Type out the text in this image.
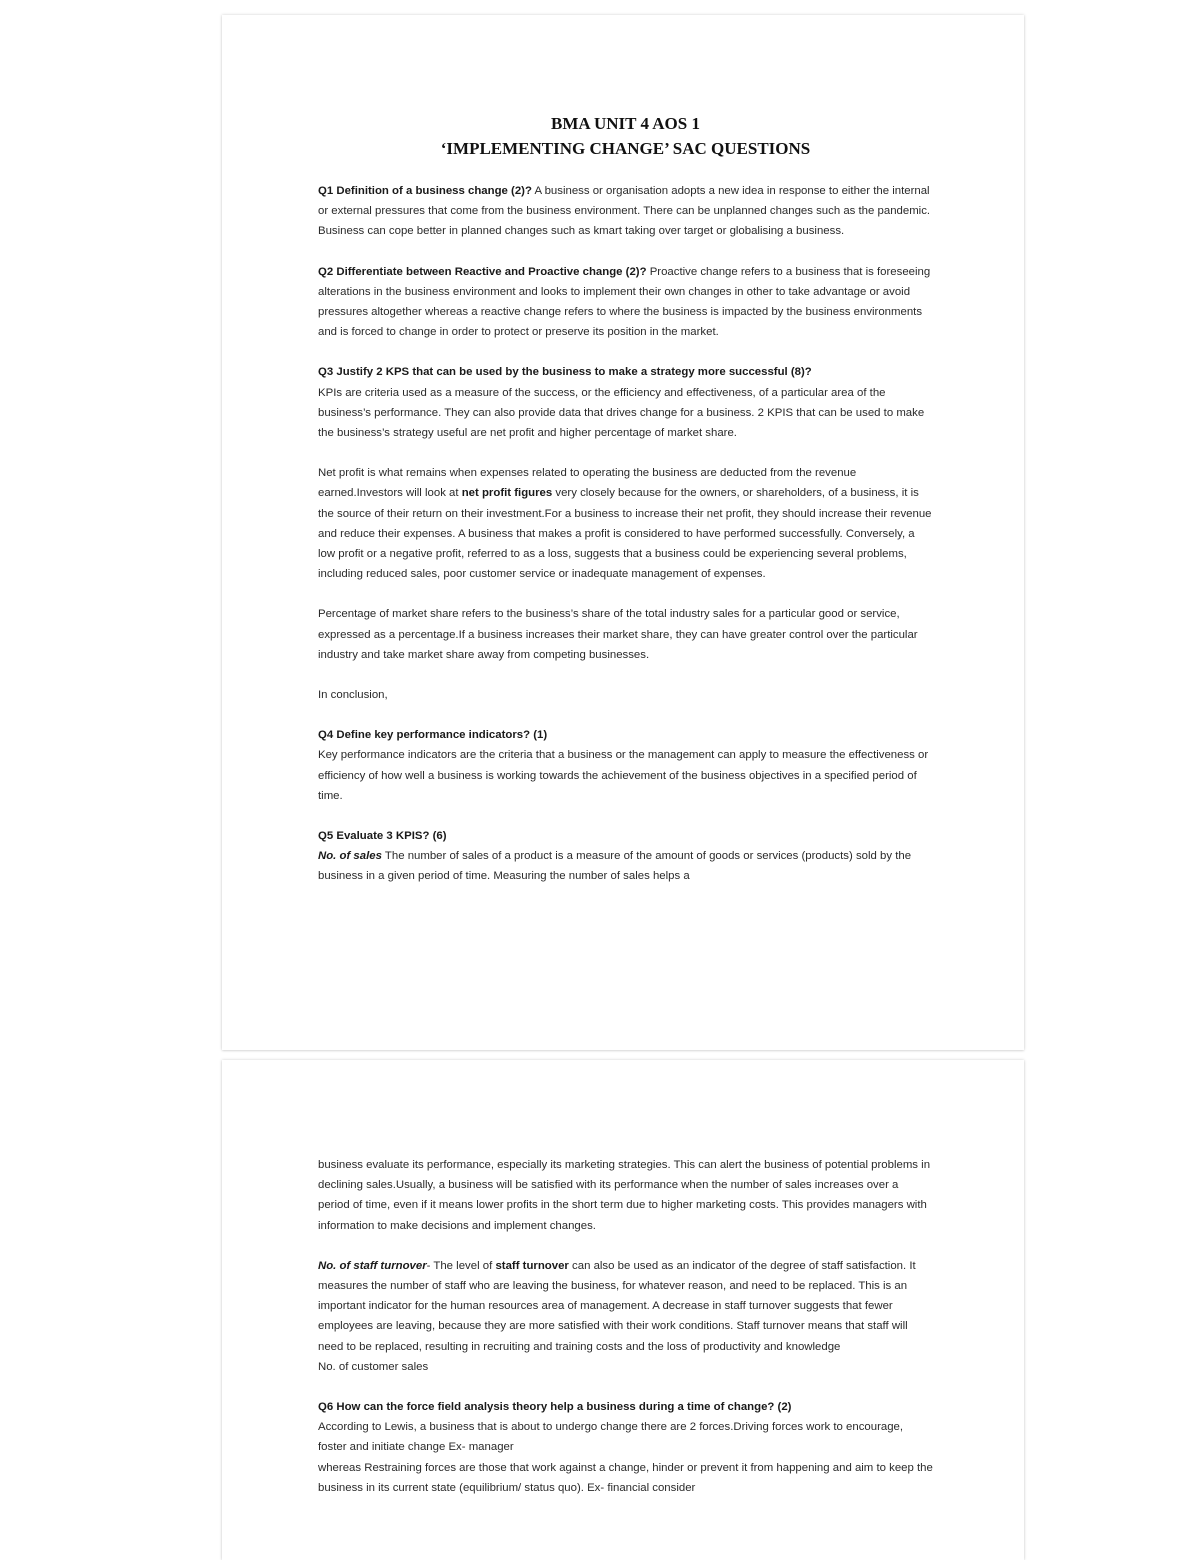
BMA UNIT 4 AOS 1
‘IMPLEMENTING CHANGE’ SAC QUESTIONS

Q1 Definition of a business change (2)? A business or organisation adopts a new idea in response to either the internal or external pressures that come from the business environment. There can be unplanned changes such as the pandemic. Business can cope better in planned changes such as kmart taking over target or globalising a business.

Q2 Differentiate between Reactive and Proactive change (2)? Proactive change refers to a business that is foreseeing alterations in the business environment and looks to implement their own changes in other to take advantage or avoid pressures altogether whereas a reactive change refers to where the business is impacted by the business environments and is forced to change in order to protect or preserve its position in the market.

Q3 Justify 2 KPS that can be used by the business to make a strategy more successful (8)?
KPIs are criteria used as a measure of the success, or the efficiency and effectiveness, of a particular area of the business’s performance. They can also provide data that drives change for a business. 2 KPIS that can be used to make the business’s strategy useful are net profit and higher percentage of market share.

Net profit is what remains when expenses related to operating the business are deducted from the revenue earned.Investors will look at net profit figures very closely because for the owners, or shareholders, of a business, it is the source of their return on their investment.For a business to increase their net profit, they should increase their revenue and reduce their expenses. A business that makes a profit is considered to have performed successfully. Conversely, a low profit or a negative profit, referred to as a loss, suggests that a business could be experiencing several problems, including reduced sales, poor customer service or inadequate management of expenses.

Percentage of market share refers to the business’s share of the total industry sales for a particular good or service, expressed as a percentage.If a business increases their market share, they can have greater control over the particular industry and take market share away from competing businesses.

In conclusion,

Q4 Define key performance indicators? (1)
Key performance indicators are the criteria that a business or the management can apply to measure the effectiveness or efficiency of how well a business is working towards the achievement of the business objectives in a specified period of time.

Q5 Evaluate 3 KPIS? (6)
No. of sales The number of sales of a product is a measure of the amount of goods or services (products) sold by the business in a given period of time. Measuring the number of sales helps a

business evaluate its performance, especially its marketing strategies. This can alert the business of potential problems in declining sales.Usually, a business will be satisfied with its performance when the number of sales increases over a period of time, even if it means lower profits in the short term due to higher marketing costs. This provides managers with information to make decisions and implement changes.

No. of staff turnover- The level of staff turnover can also be used as an indicator of the degree of staff satisfaction. It measures the number of staff who are leaving the business, for whatever reason, and need to be replaced. This is an important indicator for the human resources area of management. A decrease in staff turnover suggests that fewer employees are leaving, because they are more satisfied with their work conditions. Staff turnover means that staff will need to be replaced, resulting in recruiting and training costs and the loss of productivity and knowledge
No. of customer sales

Q6 How can the force field analysis theory help a business during a time of change? (2)
According to Lewis, a business that is about to undergo change there are 2 forces.Driving forces work to encourage, foster and initiate change Ex- manager
whereas Restraining forces are those that work against a change, hinder or prevent it from happening and aim to keep the business in its current state (equilibrium/ status quo). Ex- financial consider
